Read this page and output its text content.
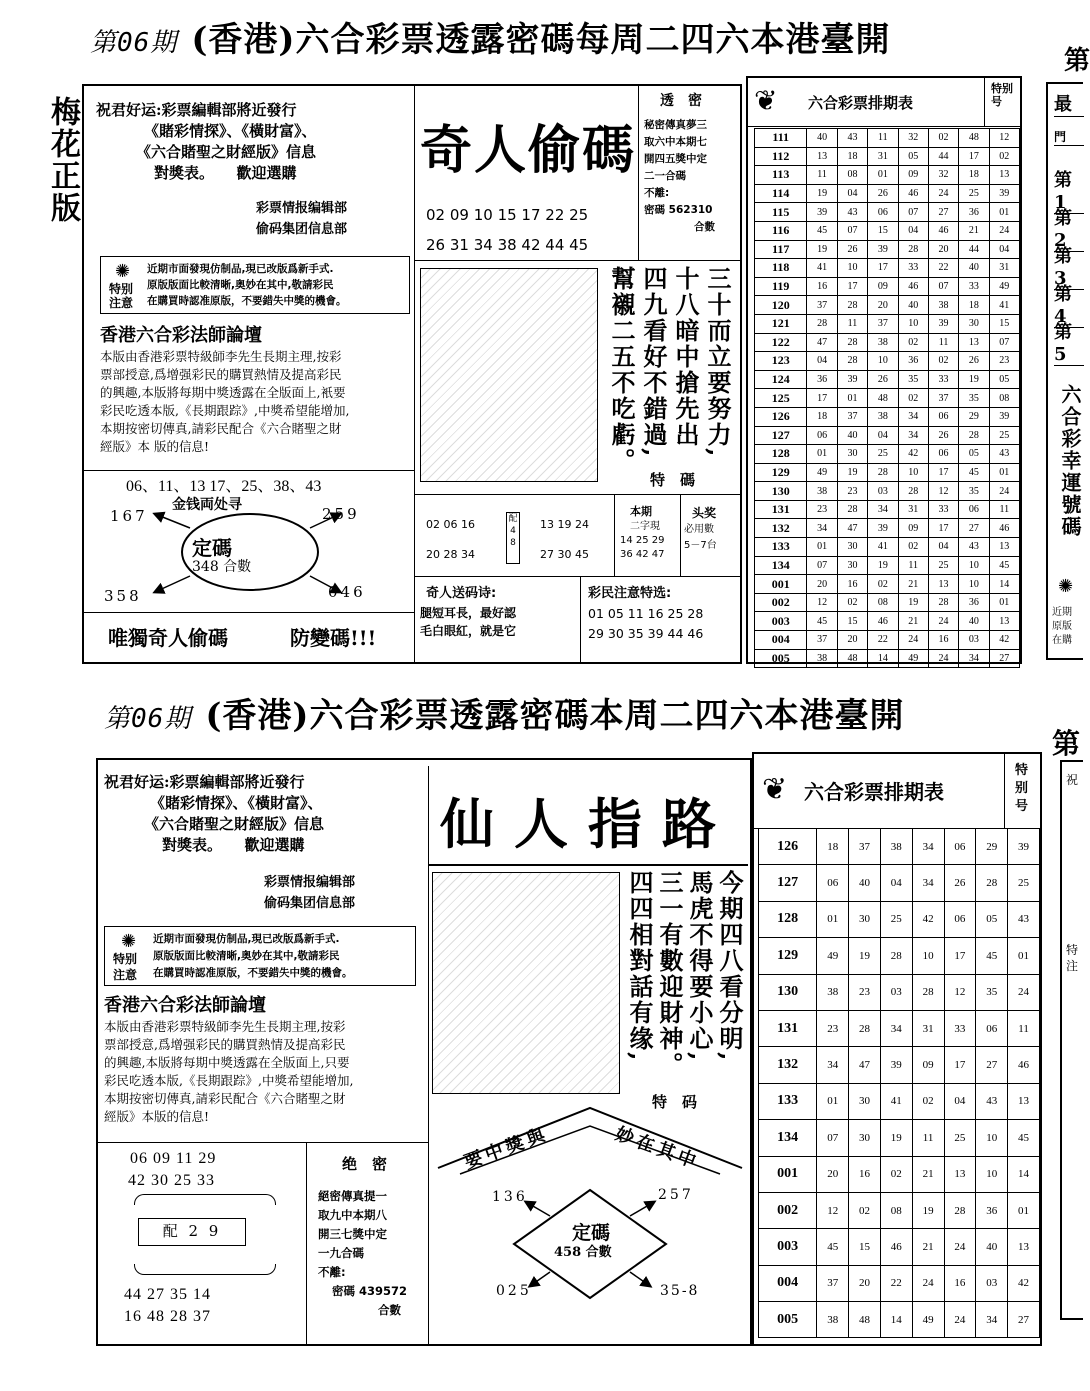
第06期 (香港)六合彩票透露密碼每周二四六本港臺開
梅花正版 祝君好运:彩票編輯部將近發行
《賭彩情探》、《橫財富》、
《六合賭聖之財經版》信息
對獎表。　　歡迎選購
彩票情报编辑部
偷码集团信息部
✺
特别
注意
近期市面發現仿制品,現已改版爲新手式.
原版版面比較清晰,奥妙在其中,敬請彩民
在購買時認准原版，不要錯失中獎的機會。
香港六合彩法師論壇
本版由香港彩票特級師李先生長期主理,按彩
票部授意,爲增强彩民的購買熱情及提高彩民
的興趣,本版將每期中獎透露在全版面上,衹要
彩民吃透本版,《長期跟踪》,中獎希望能增加,
本期按密切傳真,請彩民配合《六合賭聖之財
經版》本 版的信息!
06、11、13 17、25、38、43
金钱両处寻
167	259
358	046
定碼
348 合數
唯獨奇人偷碼	防變碼!!!
奇人偷碼
透　密
秘密傳真夢三
取六中本期七
開四五獎中定
二一合碼
不離:
密碼 562310
合數
02 09 10 15 17 22 25
26 31 34 38 42 44 45
三十而立要努力,
十八暗中搶先出
四九看好不錯過,
幫襯二五不吃虧。
特　碼
02 06 16
20 28 34
配 4 8
13 19 24
27 30 45
本期
二字現
14 25 29
36 42 47
头奖
必用數
5－7台
奇人送码诗:
腿短耳長，最好認
毛白眼紅，就是它
彩民注意特选:
01 05 11 16 25 28
29 30 35 39 44 46
❦ 六合彩票排期表
特别号
111	40	43	11	32	02	48	12
112	13	18	31	05	44	17	02
113	11	08	01	09	32	18	13
114	19	04	26	46	24	25	39
115	39	43	06	07	27	36	01
116	45	07	15	04	46	21	24
117	19	26	39	28	20	44	04
118	41	10	17	33	22	40	31
119	16	17	09	46	07	33	49
120	37	28	20	40	38	18	41
121	28	11	37	10	39	30	15
122	47	28	38	02	11	13	07
123	04	28	10	36	02	26	23
124	36	39	26	35	33	19	05
125	17	01	48	02	37	35	08
126	18	37	38	34	06	29	39
127	06	40	04	34	26	28	25
128	01	30	25	42	06	05	43
129	49	19	28	10	17	45	01
130	38	23	03	28	12	35	24
131	23	28	34	31	33	06	11
132	34	47	39	09	17	27	46
133	01	30	41	02	04	43	13
134	07	30	19	11	25	10	45
001	20	16	02	21	13	10	14
002	12	02	08	19	28	36	01
003	45	15	46	21	24	40	13
004	37	20	22	24	16	03	42
005	38	48	14	49	24	34	27
第
最
門
第1
第2
第3
第4
第5
六合彩幸運號碼
✺
近期
原版
在購
第06期 (香港)六合彩票透露密碼本周二四六本港臺開
第
祝君好运:彩票編輯部將近發行
《賭彩情探》、《橫財富》、
《六合賭聖之財經版》信息
對獎表。　　歡迎選購
彩票情报编辑部
偷码集团信息部
✺
特别
注意
近期市面發現仿制品,現已改版爲新手式.
原版版面比較清晰,奥妙在其中,敬請彩民
在購買時認准原版，不要錯失中獎的機會。
香港六合彩法師論壇
本版由香港彩票特級師李先生長期主理,按彩
票部授意,爲增强彩民的購買熱情及提高彩民
的興趣,本版將每期中獎透露在全版面上,只要
彩民吃透本版,《長期跟踪》,中獎希望能增加,
本期按密切傳真,請彩民配合《六合賭聖之財
經版》本版的信息!
06 09 11 29
42 30 25 33
配 2 9
44 27 35 14
16 48 28 37
绝　密
絕密傳真提一
取九中本期八
開三七獎中定
一九合碼
不離:
密碼 439572
合數
仙人指路
今期四八看分明,
馬虎不得要小心,
三一有數迎財神。
四四相對話有缘,
特　码
要中獎與	妙在其中
136	257
025	35-8
定碼
458 合數
❦ 六合彩票排期表
特别号
126	18	37	38	34	06	29	39
127	06	40	04	34	26	28	25
128	01	30	25	42	06	05	43
129	49	19	28	10	17	45	01
130	38	23	03	28	12	35	24
131	23	28	34	31	33	06	11
132	34	47	39	09	17	27	46
133	01	30	41	02	04	43	13
134	07	30	19	11	25	10	45
001	20	16	02	21	13	10	14
002	12	02	08	19	28	36	01
003	45	15	46	21	24	40	13
004	37	20	22	24	16	03	42
005	38	48	14	49	24	34	27
祝
特
注
